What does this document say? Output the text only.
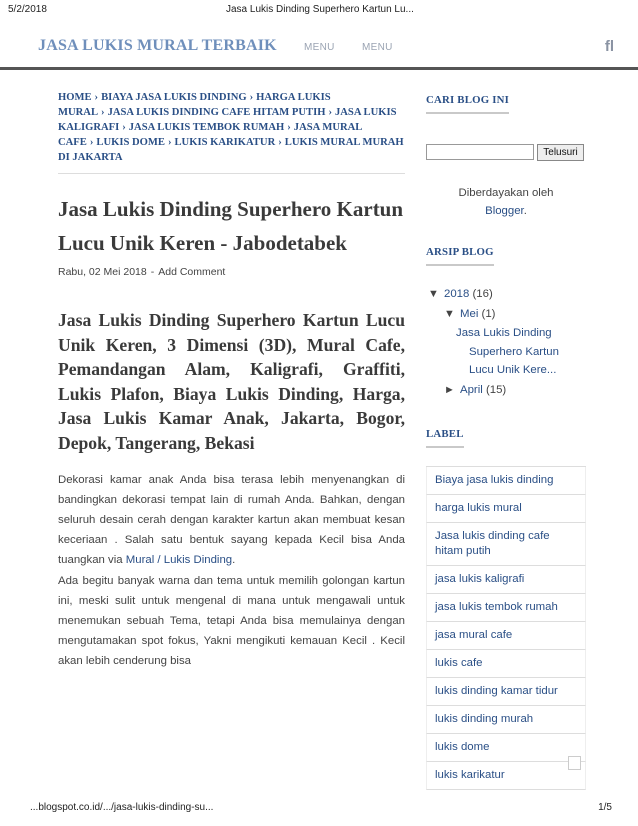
5/2/2018	Jasa Lukis Dinding Superhero Kartun Lu...
JASA LUKIS MURAL TERBAIK	MENU	MENU	fl
HOME › BIAYA JASA LUKIS DINDING › HARGA LUKIS MURAL › JASA LUKIS DINDING CAFE HITAM PUTIH › JASA LUKIS KALIGRAFI › JASA LUKIS TEMBOK RUMAH › JASA MURAL CAFE › LUKIS DOME › LUKIS KARIKATUR › LUKIS MURAL MURAH DI JAKARTA
Jasa Lukis Dinding Superhero Kartun Lucu Unik Keren - Jabodetabek
Rabu, 02 Mei 2018 - Add Comment
Jasa Lukis Dinding Superhero Kartun Lucu Unik Keren, 3 Dimensi (3D), Mural Cafe, Pemandangan Alam, Kaligrafi, Graffiti, Lukis Plafon, Biaya Lukis Dinding, Harga, Jasa Lukis Kamar Anak, Jakarta, Bogor, Depok, Tangerang, Bekasi

Dekorasi kamar anak Anda bisa terasa lebih menyenangkan di bandingkan dekorasi tempat lain di rumah Anda. Bahkan, dengan seluruh desain cerah dengan karakter kartun akan membuat kesan keceriaan . Salah satu bentuk sayang kepada Kecil bisa Anda tuangkan via Mural / Lukis Dinding.

Ada begitu banyak warna dan tema untuk memilih golongan kartun ini, meski sulit untuk mengenal di mana untuk mengawali untuk menemukan sebuah Tema, tetapi Anda bisa memulainya dengan mengutamakan spot fokus, Yakni mengikuti kemauan Kecil . Kecil akan lebih cenderung bisa

CARI BLOG INI
Telusuri
Diberdayakan oleh
Blogger.
ARSIP BLOG
▼ 2018 (16)
▼ Mei (1)
Jasa Lukis Dinding Superhero Kartun Lucu Unik Kere...
► April (15)
LABEL
Biaya jasa lukis dinding
harga lukis mural
Jasa lukis dinding cafe hitam putih
jasa lukis kaligrafi
jasa lukis tembok rumah
jasa mural cafe
lukis cafe
lukis dinding kamar tidur
lukis dinding murah
lukis dome
lukis karikatur
...blogspot.co.id/.../jasa-lukis-dinding-su...	1/5
